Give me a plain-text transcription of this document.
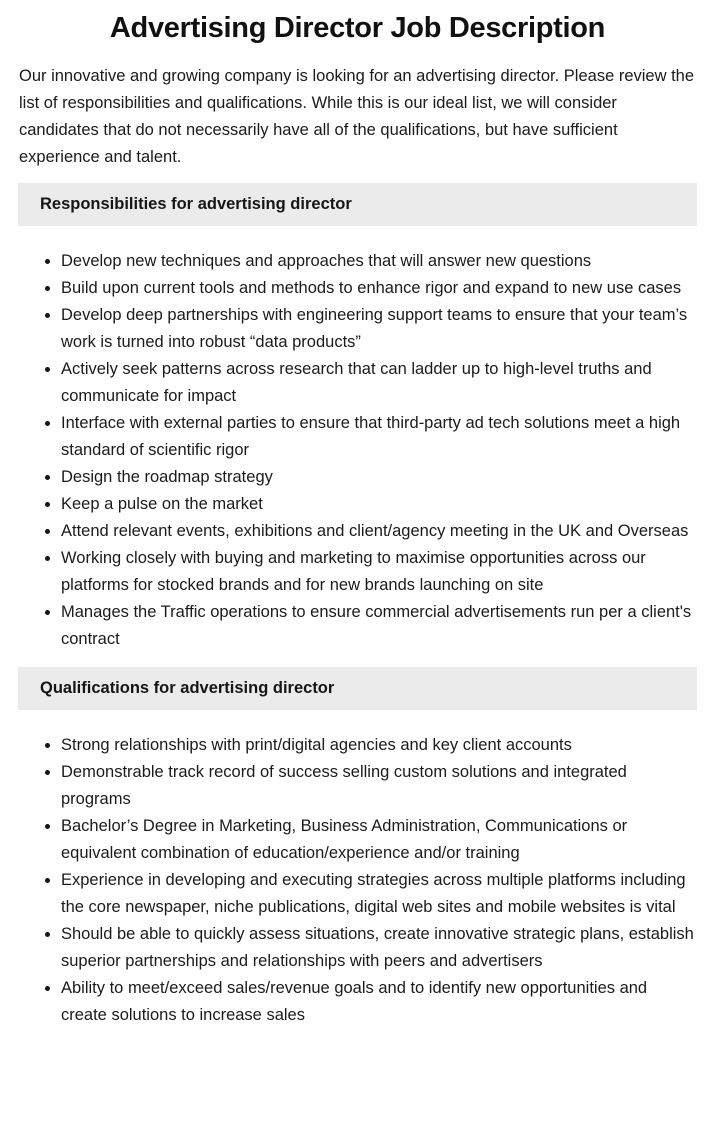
Advertising Director Job Description

Our innovative and growing company is looking for an advertising director. Please review the list of responsibilities and qualifications. While this is our ideal list, we will consider candidates that do not necessarily have all of the qualifications, but have sufficient experience and talent.

Responsibilities for advertising director
Develop new techniques and approaches that will answer new questions
Build upon current tools and methods to enhance rigor and expand to new use cases
Develop deep partnerships with engineering support teams to ensure that your team’s work is turned into robust “data products”
Actively seek patterns across research that can ladder up to high-level truths and communicate for impact
Interface with external parties to ensure that third-party ad tech solutions meet a high standard of scientific rigor
Design the roadmap strategy
Keep a pulse on the market
Attend relevant events, exhibitions and client/agency meeting in the UK and Overseas
Working closely with buying and marketing to maximise opportunities across our platforms for stocked brands and for new brands launching on site
Manages the Traffic operations to ensure commercial advertisements run per a client's contract
Qualifications for advertising director
Strong relationships with print/digital agencies and key client accounts
Demonstrable track record of success selling custom solutions and integrated programs
Bachelor’s Degree in Marketing, Business Administration, Communications or equivalent combination of education/experience and/or training
Experience in developing and executing strategies across multiple platforms including the core newspaper, niche publications, digital web sites and mobile websites is vital
Should be able to quickly assess situations, create innovative strategic plans, establish superior partnerships and relationships with peers and advertisers
Ability to meet/exceed sales/revenue goals and to identify new opportunities and create solutions to increase sales
